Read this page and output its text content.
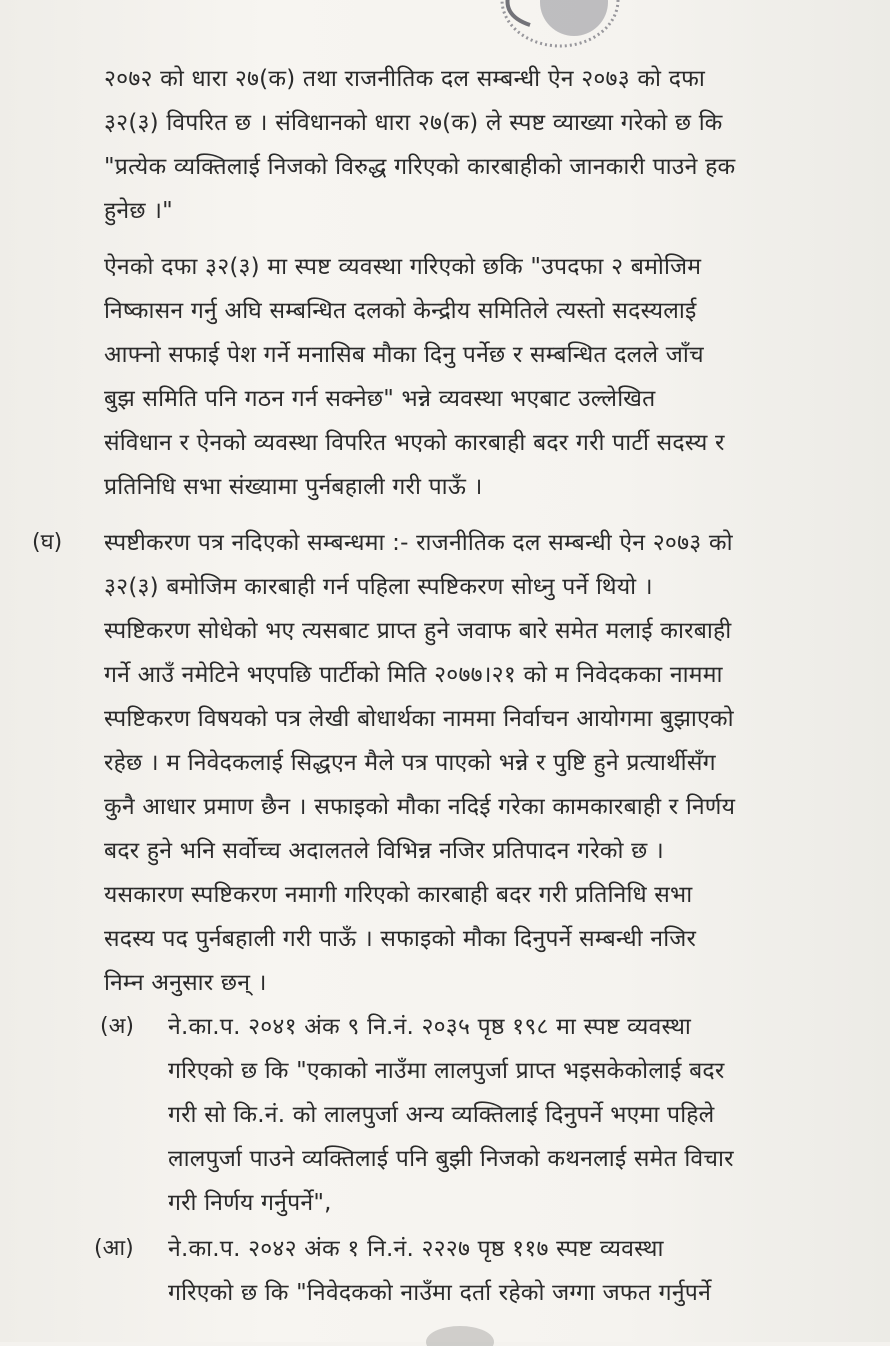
२०७२ को धारा २७(क) तथा राजनीतिक दल सम्बन्धी ऐन २०७३ को दफा
३२(३) विपरित छ । संविधानको धारा २७(क) ले स्पष्ट व्याख्या गरेको छ कि
"प्रत्येक व्यक्तिलाई निजको विरुद्ध गरिएको कारबाहीको जानकारी पाउने हक
हुनेछ ।"
ऐनको दफा ३२(३) मा स्पष्ट व्यवस्था गरिएको छकि "उपदफा २ बमोजिम
निष्कासन गर्नु अघि सम्बन्धित दलको केन्द्रीय समितिले त्यस्तो सदस्यलाई
आफ्नो सफाई पेश गर्ने मनासिब मौका दिनु पर्नेछ र सम्बन्धित दलले जाँच
बुझ समिति पनि गठन गर्न सक्नेछ" भन्ने व्यवस्था भएबाट उल्लेखित
संविधान र ऐनको व्यवस्था विपरित भएको कारबाही बदर गरी पार्टी सदस्य र
प्रतिनिधि सभा संख्यामा पुर्नबहाली गरी पाऊँ ।
(घ) स्पष्टीकरण पत्र नदिएको सम्बन्धमा :- राजनीतिक दल सम्बन्धी ऐन २०७३ को
३२(३) बमोजिम कारबाही गर्न पहिला स्पष्टिकरण सोध्नु पर्ने थियो ।
स्पष्टिकरण सोधेको भए त्यसबाट प्राप्त हुने जवाफ बारे समेत मलाई कारबाही
गर्ने आउँ नमेटिने भएपछि पार्टीको मिति २०७७।२१ को म निवेदकका नाममा
स्पष्टिकरण विषयको पत्र लेखी बोधार्थका नाममा निर्वाचन आयोगमा बुझाएको
रहेछ । म निवेदकलाई सिद्धएन मैले पत्र पाएको भन्ने र पुष्टि हुने प्रत्यार्थीसँग
कुनै आधार प्रमाण छैन । सफाइको मौका नदिई गरेका कामकारबाही र निर्णय
बदर हुने भनि सर्वोच्च अदालतले विभिन्न नजिर प्रतिपादन गरेको छ ।
यसकारण स्पष्टिकरण नमागी गरिएको कारबाही बदर गरी प्रतिनिधि सभा
सदस्य पद पुर्नबहाली गरी पाऊँ । सफाइको मौका दिनुपर्ने सम्बन्धी नजिर
निम्न अनुसार छन् ।
(अ) ने.का.प. २०४१ अंक ९ नि.नं. २०३५ पृष्ठ १९८ मा स्पष्ट व्यवस्था
गरिएको छ कि "एकाको नाउँमा लालपुर्जा प्राप्त भइसकेकोलाई बदर
गरी सो कि.नं. को लालपुर्जा अन्य व्यक्तिलाई दिनुपर्ने भएमा पहिले
लालपुर्जा पाउने व्यक्तिलाई पनि बुझी निजको कथनलाई समेत विचार
गरी निर्णय गर्नुपर्ने",
(आ) ने.का.प. २०४२ अंक १ नि.नं. २२२७ पृष्ठ ११७ स्पष्ट व्यवस्था
गरिएको छ कि "निवेदकको नाउँमा दर्ता रहेको जग्गा जफत गर्नुपर्ने
